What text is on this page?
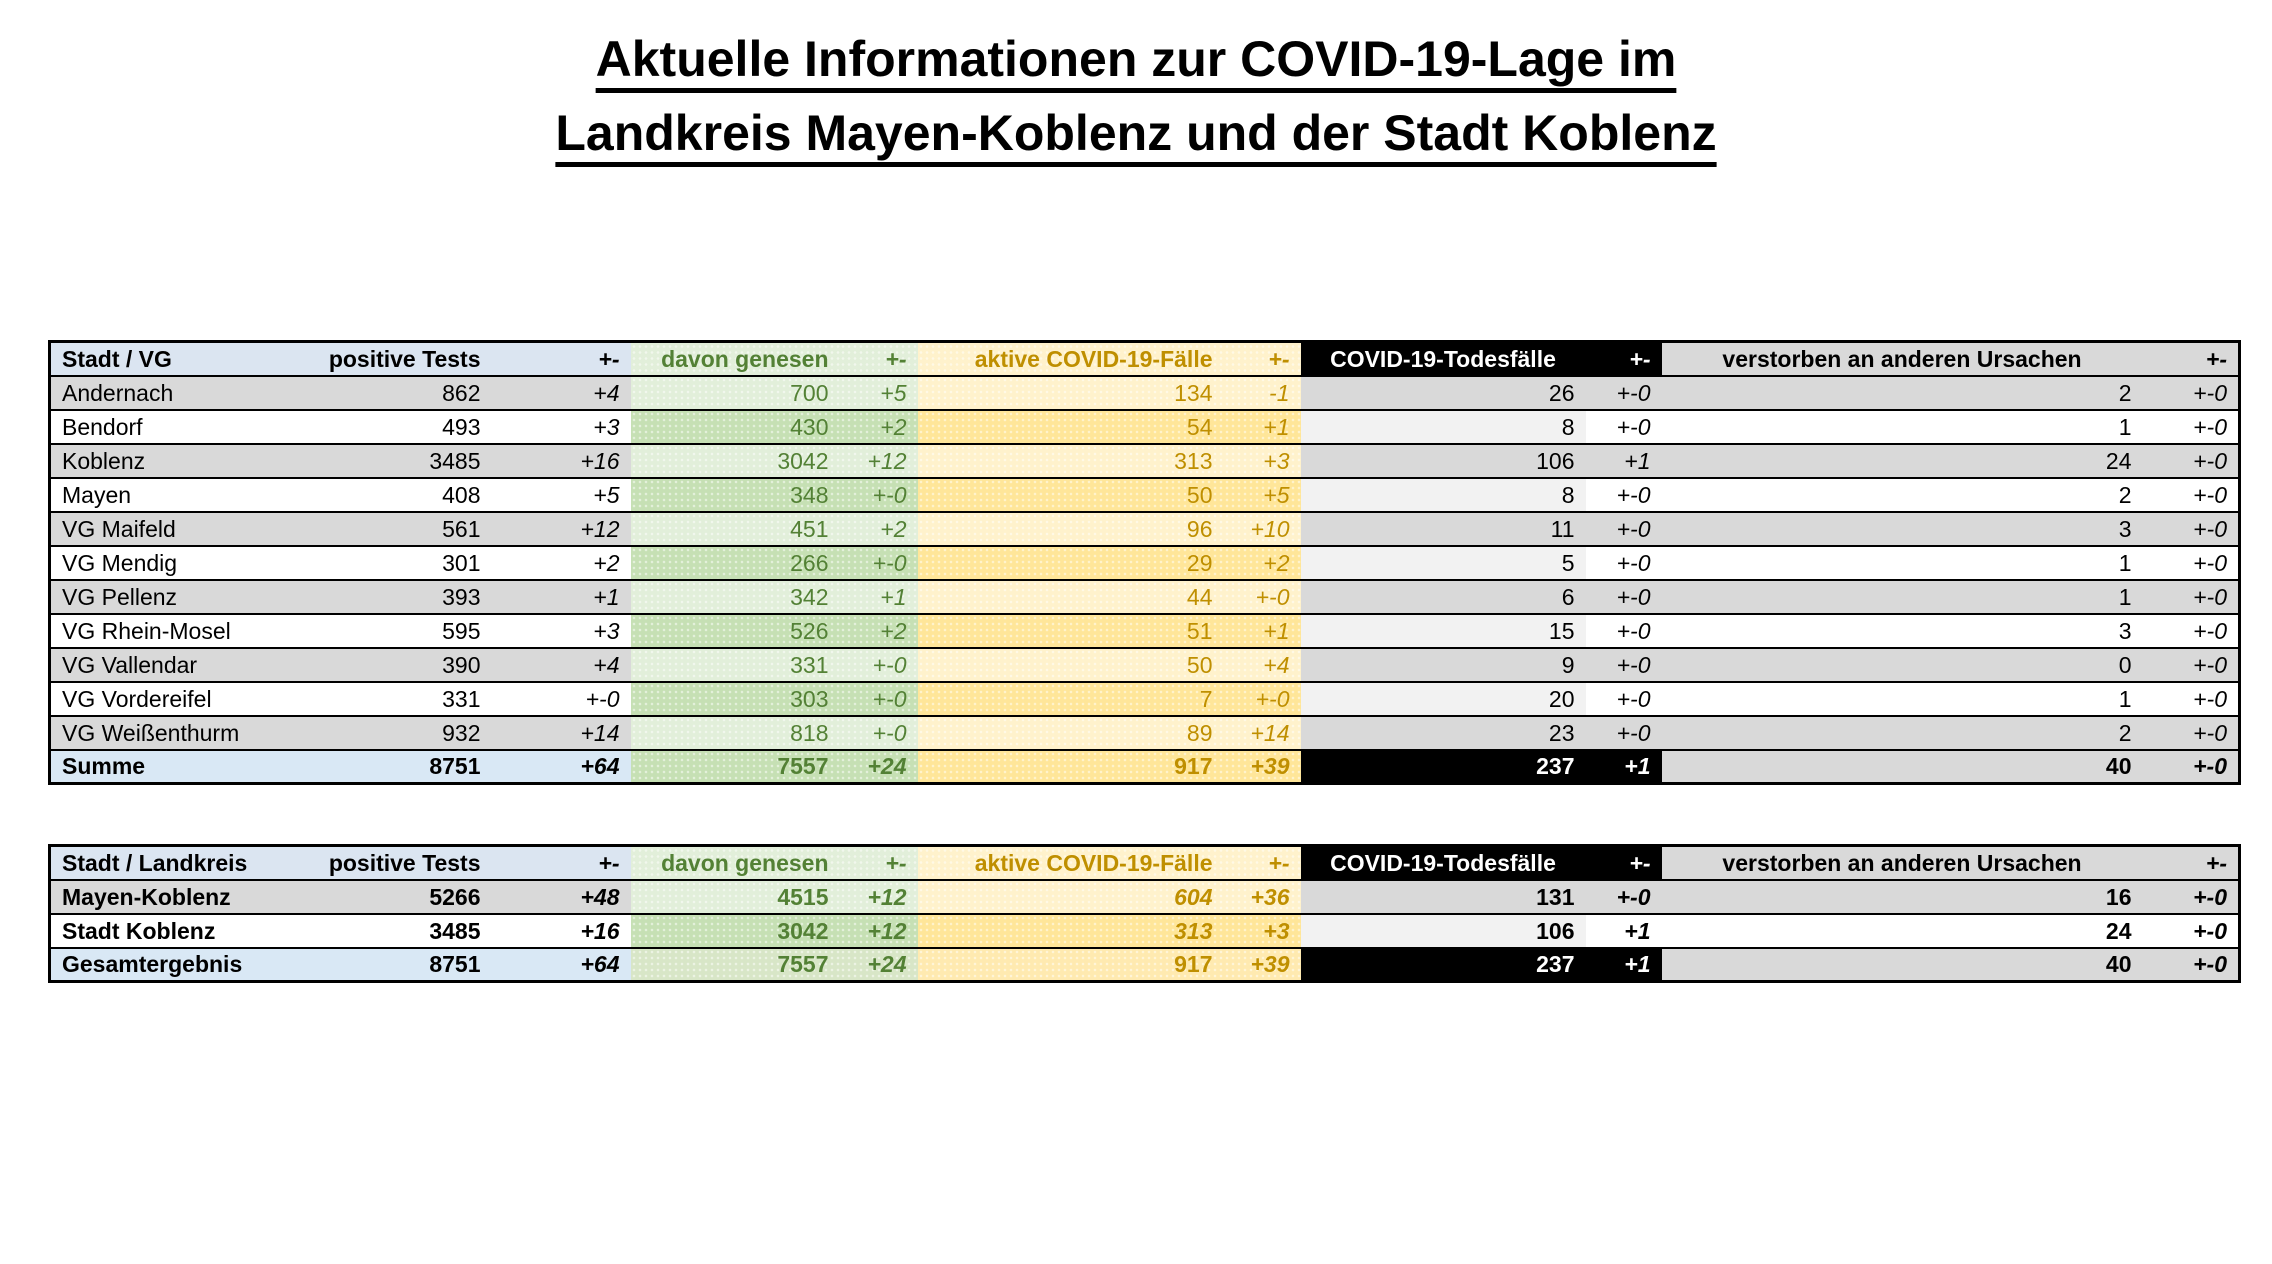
Aktuelle Informationen zur COVID-19-Lage im
Landkreis Mayen-Koblenz und der Stadt Koblenz
Stadt / VG	positive Tests	+-	davon genesen	+-	aktive COVID-19-Fälle	+-	COVID-19-Todesfälle	+-	verstorben an anderen Ursachen	+-
Andernach	862	+4	700	+5	134	-1	26	+-0	2	+-0
Bendorf	493	+3	430	+2	54	+1	8	+-0	1	+-0
Koblenz	3485	+16	3042	+12	313	+3	106	+1	24	+-0
Mayen	408	+5	348	+-0	50	+5	8	+-0	2	+-0
VG Maifeld	561	+12	451	+2	96	+10	11	+-0	3	+-0
VG Mendig	301	+2	266	+-0	29	+2	5	+-0	1	+-0
VG Pellenz	393	+1	342	+1	44	+-0	6	+-0	1	+-0
VG Rhein-Mosel	595	+3	526	+2	51	+1	15	+-0	3	+-0
VG Vallendar	390	+4	331	+-0	50	+4	9	+-0	0	+-0
VG Vordereifel	331	+-0	303	+-0	7	+-0	20	+-0	1	+-0
VG Weißenthurm	932	+14	818	+-0	89	+14	23	+-0	2	+-0
Summe	8751	+64	7557	+24	917	+39	237	+1	40	+-0
Stadt / Landkreis	positive Tests	+-	davon genesen	+-	aktive COVID-19-Fälle	+-	COVID-19-Todesfälle	+-	verstorben an anderen Ursachen	+-
Mayen-Koblenz	5266	+48	4515	+12	604	+36	131	+-0	16	+-0
Stadt Koblenz	3485	+16	3042	+12	313	+3	106	+1	24	+-0
Gesamtergebnis	8751	+64	7557	+24	917	+39	237	+1	40	+-0
